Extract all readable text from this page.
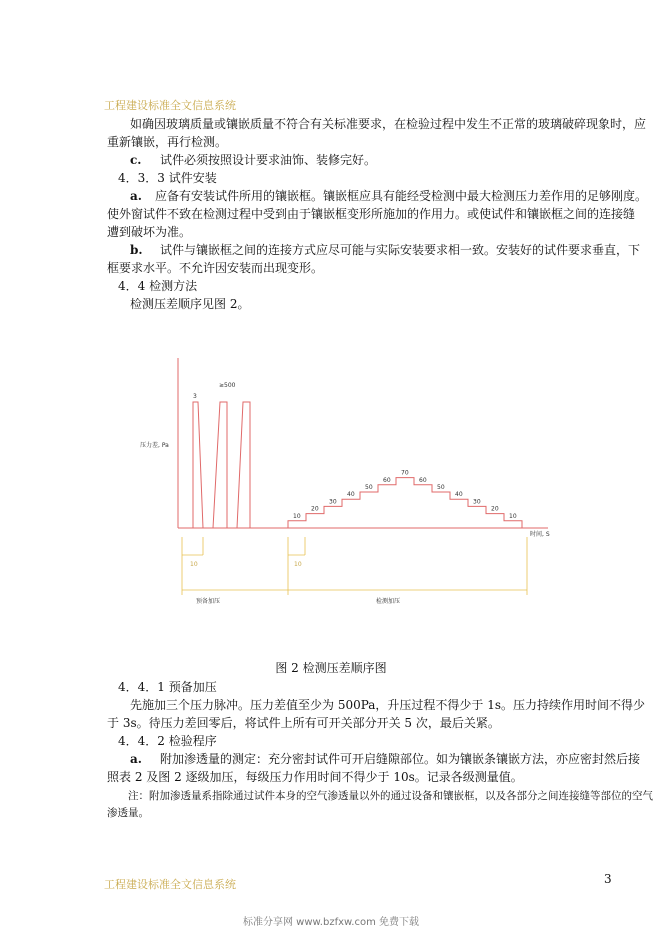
工程建设标准全文信息系统
如确因玻璃质量或镶嵌质量不符合有关标准要求，在检验过程中发生不正常的玻璃破碎现象时，应
重新镶嵌，再行检测。
c. 试件必须按照设计要求油饰、装修完好。
4．3．3 试件安装
a. 应备有安装试件所用的镶嵌框。镶嵌框应具有能经受检测中最大检测压力差作用的足够刚度。
使外窗试件不致在检测过程中受到由于镶嵌框变形所施加的作用力。或使试件和镶嵌框之间的连接缝
遭到破坏为准。
b. 试件与镶嵌框之间的连接方式应尽可能与实际安装要求相一致。安装好的试件要求垂直，下
框要求水平。不允许因安装而出现变形。
4．4 检测方法
检测压差顺序见图 2。
压力差, Pa
时间, S
3
≥500
10
20
30
40
50
60
70
60
50
40
30
20
10
10	10
预备加压	检测加压
图 2 检测压差顺序图
4．4．1 预备加压
先施加三个压力脉冲。压力差值至少为 500Pa，升压过程不得少于 1s。压力持续作用时间不得少
于 3s。待压力差回零后，将试件上所有可开关部分开关 5 次，最后关紧。
4．4．2 检验程序
a. 附加渗透量的测定：充分密封试件可开启缝隙部位。如为镶嵌条镶嵌方法，亦应密封然后接
照表 2 及图 2 逐级加压，每级压力作用时间不得少于 10s。记录各级测量值。
注：附加渗透量系指除通过试件本身的空气渗透量以外的通过设备和镶嵌框，以及各部分之间连接缝等部位的空气
渗透量。
工程建设标准全文信息系统	3
标准分享网 www.bzfxw.com 免费下载
